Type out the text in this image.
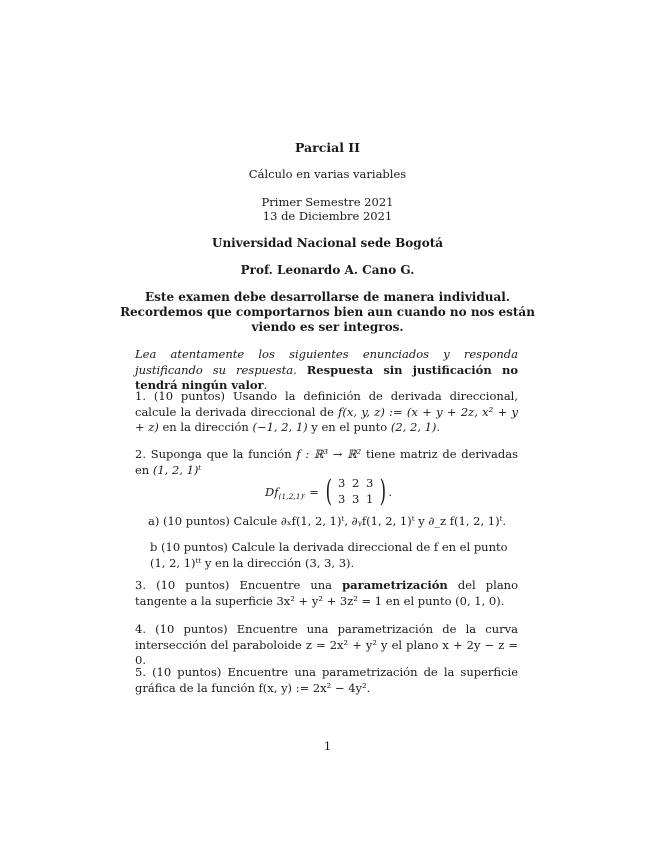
Parcial II
Cálculo en varias variables
Primer Semestre 2021
13 de Diciembre 2021
Universidad Nacional sede Bogotá
Prof. Leonardo A. Cano G.
Este examen debe desarrollarse de manera individual.
Recordemos que comportarnos bien aun cuando no nos están
viendo es ser integros.
Lea atentamente los siguientes enunciados y responda justificando su respuesta. Respuesta sin justificación no tendrá ningún valor.
1. (10 puntos) Usando la definición de derivada direccional, calcule la derivada direccional de f(x, y, z) := (x + y + 2z, x² + y + z) en la dirección (−1, 2, 1) y en el punto (2, 2, 1).
2. Suponga que la función f : ℝ³ → ℝ² tiene matriz de derivadas en (1, 2, 1)ᵗ
$Df_{(1,2,1)ᵗ}$ = ( 3 2 3
3 3 1 ) .
a) (10 puntos) Calcule ∂ₓf(1, 2, 1)ᵗ, ∂ᵧf(1, 2, 1)ᵗ y ∂_z f(1, 2, 1)ᵗ.
b (10 puntos) Calcule la derivada direccional de f en el punto (1, 2, 1)ᵗᵗ y en la dirección (3, 3, 3).
3. (10 puntos) Encuentre una parametrización del plano tangente a la superficie 3x² + y² + 3z² = 1 en el punto (0, 1, 0).
4. (10 puntos) Encuentre una parametrización de la curva intersección del paraboloide z = 2x² + y² y el plano x + 2y − z = 0.
5. (10 puntos) Encuentre una parametrización de la superficie gráfica de la función f(x, y) := 2x² − 4y².
1
